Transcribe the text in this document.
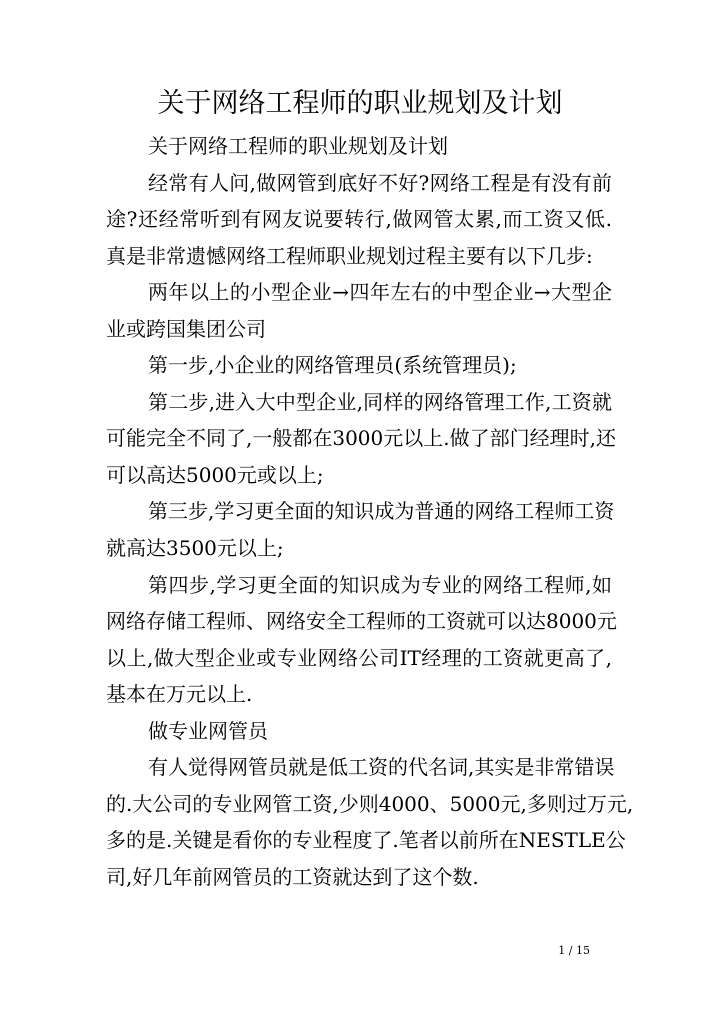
关于网络工程师的职业规划及计划
关于网络工程师的职业规划及计划
经常有人问,做网管到底好不好?网络工程是有没有前
途?还经常听到有网友说要转行,做网管太累,而工资又低.
真是非常遗憾网络工程师职业规划过程主要有以下几步:
两年以上的小型企业→四年左右的中型企业→大型企
业或跨国集团公司
第一步,小企业的网络管理员(系统管理员);
第二步,进入大中型企业,同样的网络管理工作,工资就
可能完全不同了,一般都在3000元以上.做了部门经理时,还
可以高达5000元或以上;
第三步,学习更全面的知识成为普通的网络工程师工资
就高达3500元以上;
第四步,学习更全面的知识成为专业的网络工程师,如
网络存储工程师、网络安全工程师的工资就可以达8000元
以上,做大型企业或专业网络公司IT经理的工资就更高了,
基本在万元以上.
做专业网管员
有人觉得网管员就是低工资的代名词,其实是非常错误
的.大公司的专业网管工资,少则4000、5000元,多则过万元,
多的是.关键是看你的专业程度了.笔者以前所在NESTLE公
司,好几年前网管员的工资就达到了这个数.
1 / 15
